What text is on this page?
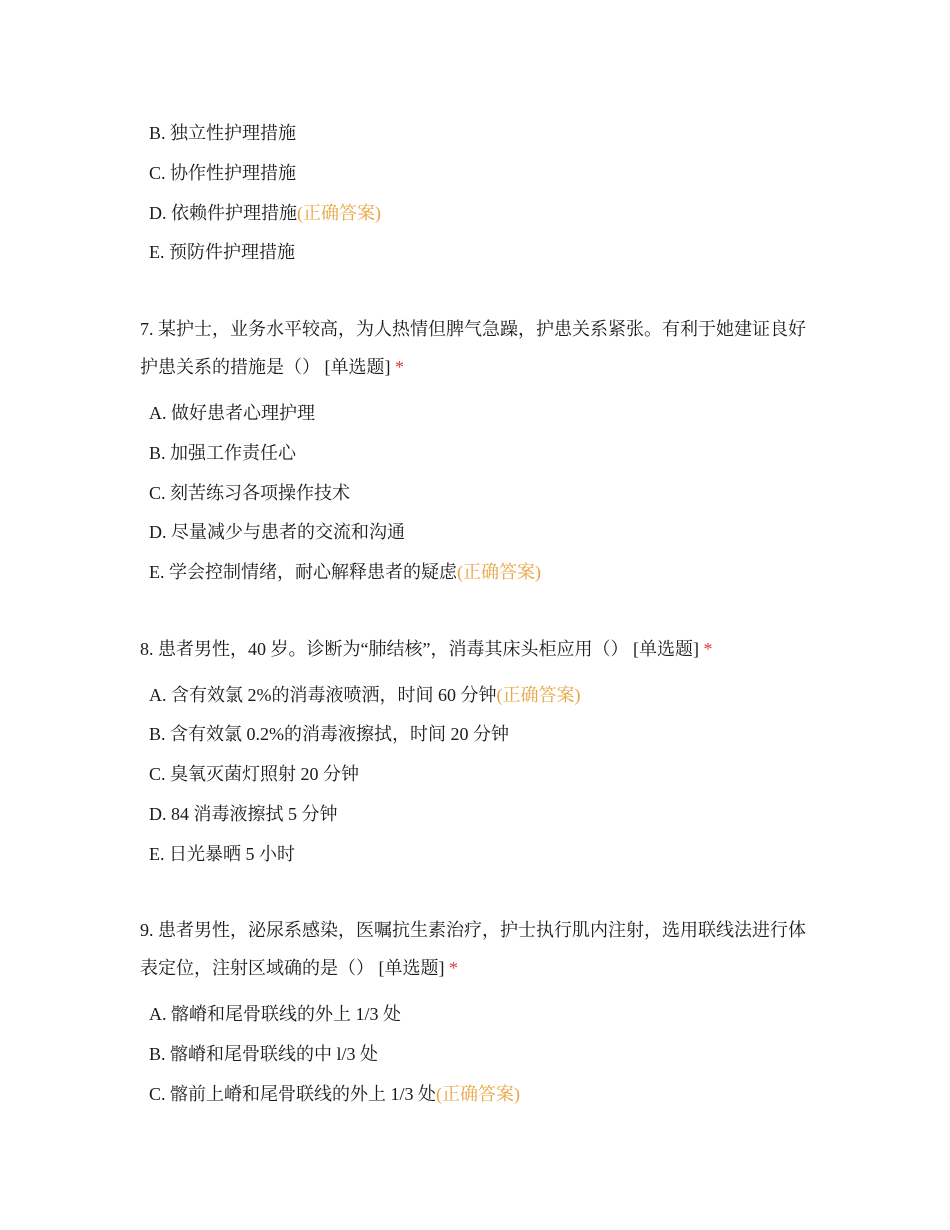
B. 独立性护理措施
C. 协作性护理措施
D. 依赖件护理措施(正确答案)
E. 预防件护理措施
7. 某护士，业务水平较高，为人热情但脾气急躁，护患关系紧张。有利于她建证良好护患关系的措施是（） [单选题] *
A. 做好患者心理护理
B. 加强工作责任心
C. 刻苦练习各项操作技术
D. 尽量减少与患者的交流和沟通
E. 学会控制情绪，耐心解释患者的疑虑(正确答案)
8. 患者男性，40 岁。诊断为“肺结核”，消毒其床头柜应用（） [单选题] *
A. 含有效氯 2%的消毒液喷洒，时间 60 分钟(正确答案)
B. 含有效氯 0.2%的消毒液擦拭，时间 20 分钟
C. 臭氧灭菌灯照射 20 分钟
D. 84 消毒液擦拭 5 分钟
E. 日光暴晒 5 小时
9. 患者男性，泌尿系感染，医嘱抗生素治疗，护士执行肌内注射，选用联线法进行体表定位，注射区域确的是（） [单选题] *
A. 髂嵴和尾骨联线的外上 1/3 处
B. 髂嵴和尾骨联线的中 l/3 处
C. 髂前上嵴和尾骨联线的外上 1/3 处(正确答案)
